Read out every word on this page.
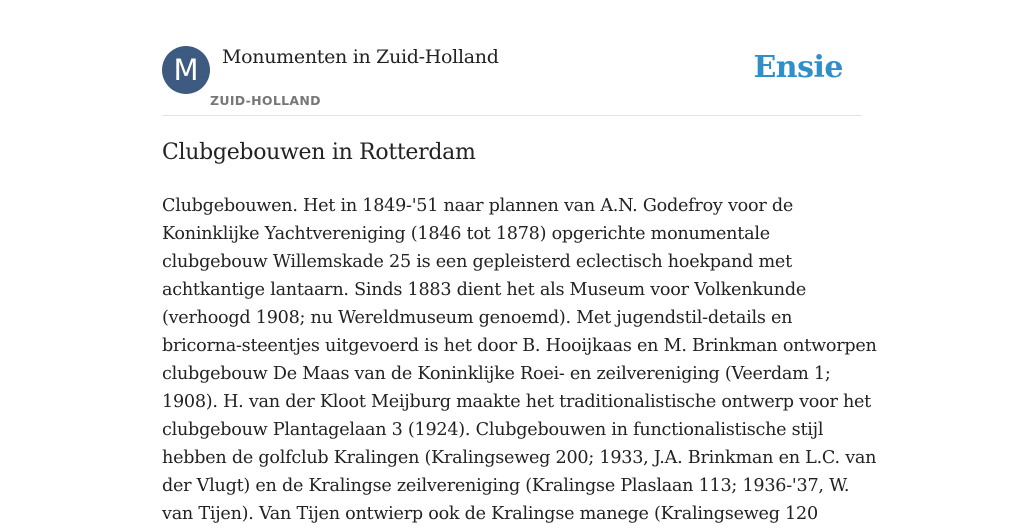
M	Monumenten in Zuid-Holland
ZUID-HOLLAND
Ensie
Clubgebouwen in Rotterdam

Clubgebouwen. Het in 1849-'51 naar plannen van A.N. Godefroy voor de
Koninklijke Yachtvereniging (1846 tot 1878) opgerichte monumentale
clubgebouw Willemskade 25 is een gepleisterd eclectisch hoekpand met
achtkantige lantaarn. Sinds 1883 dient het als Museum voor Volkenkunde
(verhoogd 1908; nu Wereldmuseum genoemd). Met jugendstil-details en
bricorna-steentjes uitgevoerd is het door B. Hooijkaas en M. Brinkman ontworpen
clubgebouw De Maas van de Koninklijke Roei- en zeilvereniging (Veerdam 1;
1908). H. van der Kloot Meijburg maakte het traditionalistische ontwerp voor het
clubgebouw Plantagelaan 3 (1924). Clubgebouwen in functionalistische stijl
hebben de golfclub Kralingen (Kralingseweg 200; 1933, J.A. Brinkman en L.C. van
der Vlugt) en de Kralingse zeilvereniging (Kralingse Plaslaan 113; 1936-'37, W.
van Tijen). Van Tijen ontwierp ook de Kralingse manege (Kralingseweg 120
